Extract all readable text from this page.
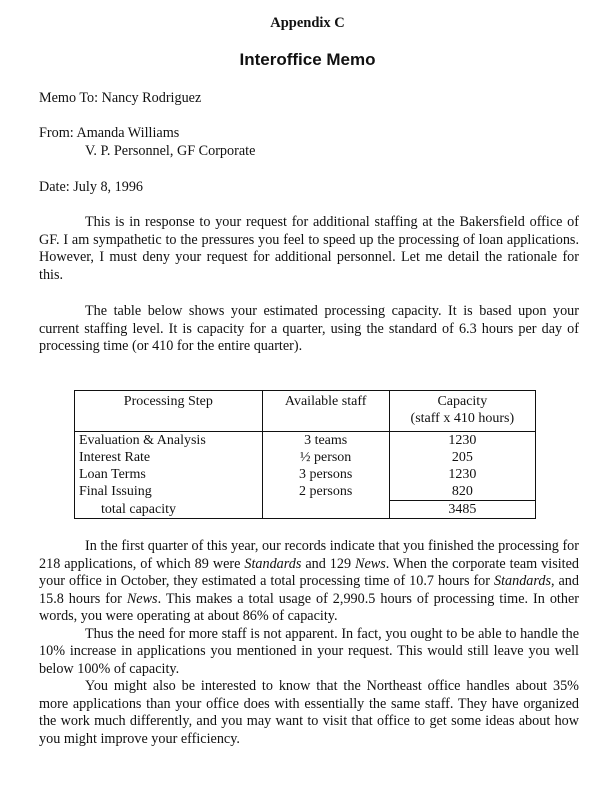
Appendix C
Interoffice Memo
Memo To: Nancy Rodriguez
From: Amanda Williams
V. P. Personnel, GF Corporate
Date: July 8, 1996

This is in response to your request for additional staffing at the Bakersfield office of GF. I am sympathetic to the pressures you feel to speed up the processing of loan applications. However, I must deny your request for additional personnel. Let me detail the rationale for this.

The table below shows your estimated processing capacity. It is based upon your current staffing level. It is capacity for a quarter, using the standard of 6.3 hours per day of processing time (or 410 for the entire quarter).

Processing Step	Available staff	Capacity
(staff x 410 hours)

Evaluation & Analysis	3 teams	1230
Interest Rate	½ person	205
Loan Terms	3 persons	1230
Final Issuing	2 persons	820
total capacity		3485

In the first quarter of this year, our records indicate that you finished the processing for 218 applications, of which 89 were Standards and 129 News. When the corporate team visited your office in October, they estimated a total processing time of 10.7 hours for Standards, and 15.8 hours for News. This makes a total usage of 2,990.5 hours of processing time. In other words, you were operating at about 86% of capacity.

Thus the need for more staff is not apparent. In fact, you ought to be able to handle the 10% increase in applications you mentioned in your request. This would still leave you well below 100% of capacity.

You might also be interested to know that the Northeast office handles about 35% more applications than your office does with essentially the same staff. They have organized the work much differently, and you may want to visit that office to get some ideas about how you might improve your efficiency.
